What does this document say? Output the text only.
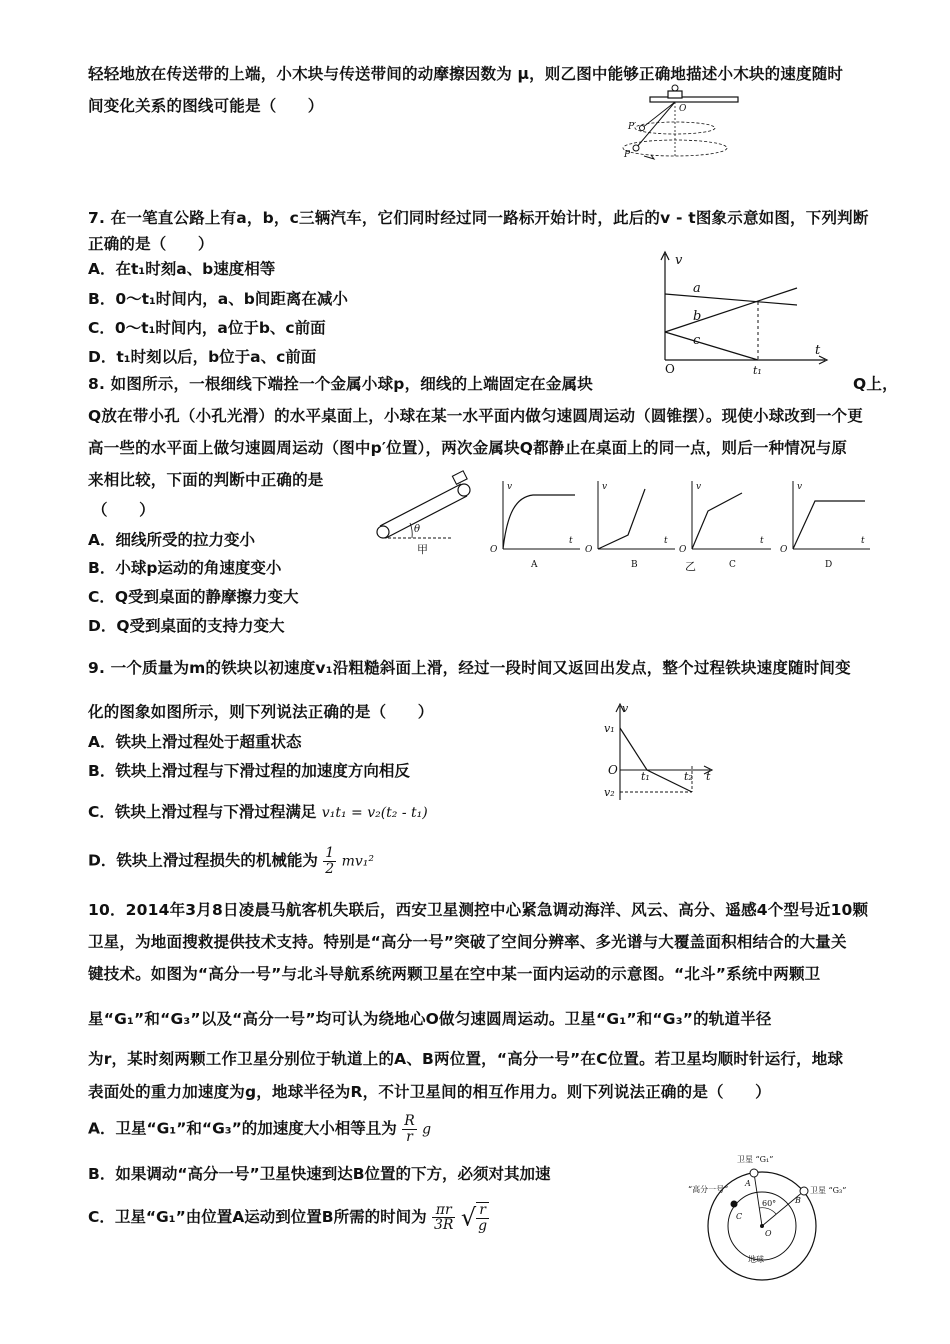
轻轻地放在传送带的上端，小木块与传送带间的动摩擦因数为 μ，则乙图中能够正确地描述小木块的速度随时
间变化关系的图线可能是（　　）	O
P′
P
7. 在一笔直公路上有a，b，c三辆汽车，它们同时经过同一路标开始计时，此后的v - t图象示意如图，下列判断
正确的是（　　）
A．在t₁时刻a、b速度相等
B．0～t₁时间内，a、b间距离在减小
C．0～t₁时间内，a位于b、c前面
D．t₁时刻以后，b位于a、c前面
v
t
O
a
b
c
t₁
8. 如图所示，一根细线下端拴一个金属小球p，细线的上端固定在金属块	Q上，
Q放在带小孔（小孔光滑）的水平桌面上，小球在某一水平面内做匀速圆周运动（圆锥摆）。现使小球改到一个更
高一些的水平面上做匀速圆周运动（图中p′位置），两次金属块Q都静止在桌面上的同一点，则后一种情况与原
来相比较，下面的判断中正确的是
（　　）
A．细线所受的拉力变小
B．小球p运动的角速度变小
C．Q受到桌面的静摩擦力变大
D．Q受到桌面的支持力变大
θ
甲
v
t
O
A
v
t
O
B
v
t
O
乙	C
v
t
O
D
9. 一个质量为m的铁块以初速度v₁沿粗糙斜面上滑，经过一段时间又返回出发点，整个过程铁块速度随时间变
化的图象如图所示，则下列说法正确的是（　　）
A．铁块上滑过程处于超重状态
B．铁块上滑过程与下滑过程的加速度方向相反
C．铁块上滑过程与下滑过程满足 v₁t₁ = v₂(t₂ - t₁)
D．铁块上滑过程损失的机械能为 $\frac{1}{2} mv_1^2$
v
t
O
v₁
v₂
t₁	t₂
10．2014年3月8日凌晨马航客机失联后，西安卫星测控中心紧急调动海洋、风云、高分、遥感4个型号近10颗
卫星，为地面搜救提供技术支持。特别是“高分一号”突破了空间分辨率、多光谱与大覆盖面积相结合的大量关
键技术。如图为“高分一号”与北斗导航系统两颗卫星在空中某一面内运动的示意图。“北斗”系统中两颗卫
星“G₁”和“G₃”以及“高分一号”均可认为绕地心O做匀速圆周运动。卫星“G₁”和“G₃”的轨道半径
为r，某时刻两颗工作卫星分别位于轨道上的A、B两位置，“高分一号”在C位置。若卫星均顺时针运行，地球
表面处的重力加速度为g，地球半径为R，不计卫星间的相互作用力。则下列说法正确的是（　　）
A．卫星“G₁”和“G₃”的加速度大小相等且为 $\frac{R}{r}$ g
B．如果调动“高分一号”卫星快速到达B位置的下方，必须对其加速
C．卫星“G₁”由位置A运动到位置B所需的时间为 $\frac{\pi r}{3R}$ √ $\frac{r}{g}$
卫星 “G₁”
卫星 “G₃”
“高分一号”
地球
60°
A
B
C
O
